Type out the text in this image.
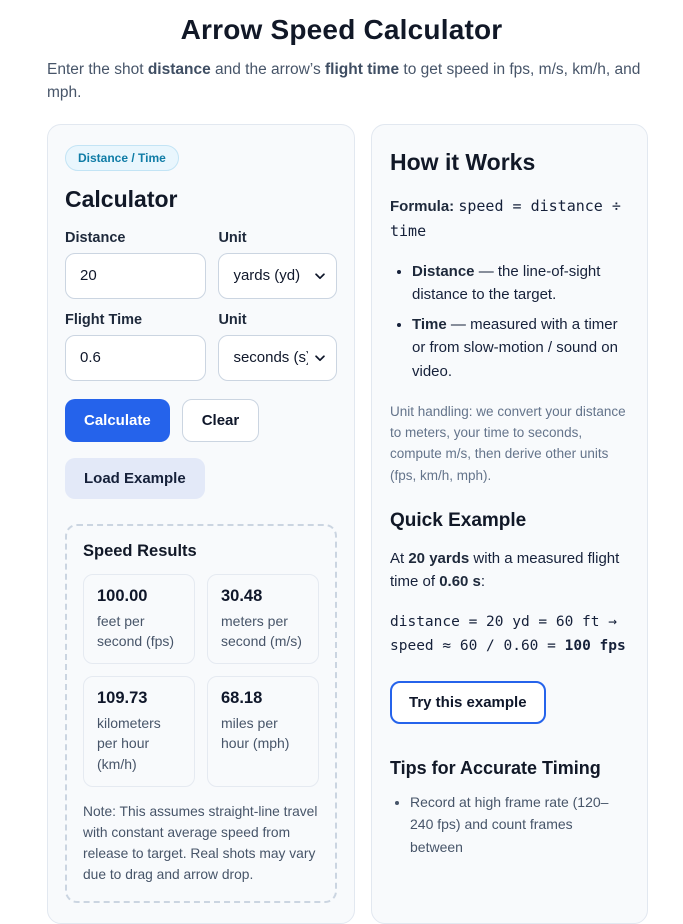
Arrow Speed Calculator

Enter the shot distance and the arrow’s flight time to get speed in fps, m/s, km/h, and mph.

Distance / Time
Calculator
Distance	Unit
20
yards (yd)
Flight Time	Unit
0.6
seconds (s)
Calculate	Clear
Load Example
Speed Results
100.00
feet per second (fps)
30.48
meters per second (m/s)
109.73
kilometers per hour (km/h)
68.18
miles per hour (mph)

Note: This assumes straight-line travel with constant average speed from release to target. Real shots may vary due to drag and arrow drop.

How it Works

Formula: speed = distance ÷ time

• Distance — the line-of-sight distance to the target.
• Time — measured with a timer or from slow-motion / sound on video.

Unit handling: we convert your distance to meters, your time to seconds, compute m/s, then derive other units (fps, km/h, mph).

Quick Example

At 20 yards with a measured flight time of 0.60 s:

distance = 20 yd = 60 ft →
speed ≈ 60 / 0.60 = 100 fps

Try this example
Tips for Accurate Timing
• Record at high frame rate (120–240 fps) and count frames between
